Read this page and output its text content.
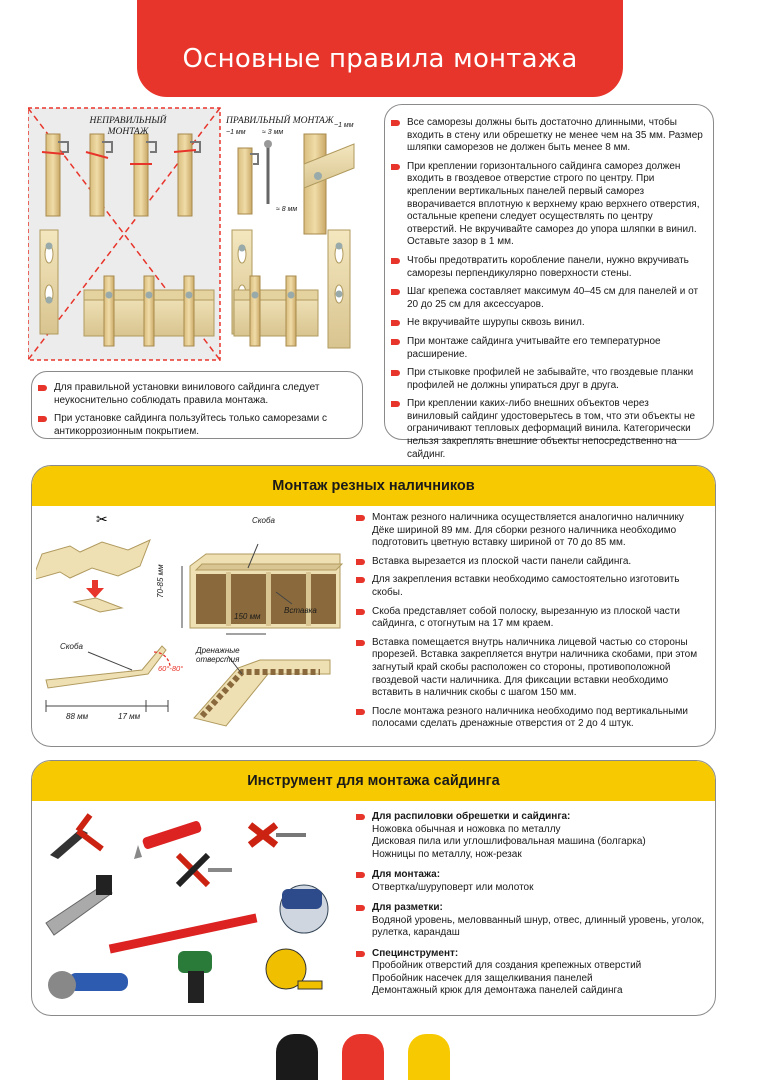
Основные правила монтажа
НЕПРАВИЛЬНЫЙ
МОНТАЖ
ПРАВИЛЬНЫЙ МОНТАЖ
~1 мм ≈ 3 мм
~1 мм
≈ 8 мм
Все саморезы должны быть достаточно длинными, чтобы входить в стену или обрешетку не менее чем на 35 мм. Размер шляпки саморезов не должен быть менее 8 мм.
При креплении горизонтального сайдинга саморез должен входить в гвоздевое отверстие строго по центру. При креплении вертикальных панелей первый саморез вворачивается вплотную к верхнему краю верхнего отверстия, остальные крепени следует осуществлять по центру отверстий. Не вкручивайте саморез до упора шляпки в винил. Оставьте зазор в 1 мм.
Чтобы предотвратить коробление панели, нужно вкручивать саморезы перпендикулярно поверхности стены.
Шаг крепежа составляет максимум 40–45 см для панелей и от 20 до 25 см для аксессуаров.
Не вкручивайте шурупы сквозь винил.
При монтаже сайдинга учитывайте его температурное расширение.
При стыковке профилей не забывайте, что гвоздевые планки профилей не должны упираться друг в друга.
При креплении каких-либо внешних объектов через виниловый сайдинг удостоверьтесь в том, что эти объекты не ограничивают тепловых деформаций винила. Категорически нельзя закреплять внешние объекты непосредственно на сайдинг.
Для правильной установки винилового сайдинга следует неукоснительно соблюдать правила монтажа.
При установке сайдинга пользуйтесь только саморезами с антикоррозионным покрытием.
Монтаж резных наличников
✂	Скоба
Вставка
70-85 мм
150 мм
Скоба
60°-80°
88 мм	17 мм
Дренажные
отверстия
Монтаж резного наличника осуществляется аналогично наличнику Дёке шириной 89 мм. Для сборки резного наличника необходимо подготовить цветную вставку шириной от 70 до 85 мм.
Вставка вырезается из плоской части панели сайдинга.
Для закрепления вставки необходимо самостоятельно изготовить скобы.
Скоба представляет собой полоску, вырезанную из плоской части сайдинга, с отогнутым на 17 мм краем.
Вставка помещается внутрь наличника лицевой частью со стороны прорезей. Вставка закрепляется внутри наличника скобами, при этом загнутый край скобы расположен со стороны, противоположной гвоздевой части наличника. Для фиксации вставки необходимо вставить в наличник скобы с шагом 150 мм.
После монтажа резного наличника необходимо под вертикальными полосами сделать дренажные отверстия от 2 до 4 штук.
Инструмент для монтажа сайдинга
Для распиловки обрешетки и сайдинга:
Ножовка обычная и ножовка по металлу
Дисковая пила или углошлифовальная машина (болгарка)
Ножницы по металлу, нож-резак
Для монтажа:
Отвертка/шуруповерт или молоток
Для разметки:
Водяной уровень, меловванный шнур, отвес, длинный уровень, уголок, рулетка, карандаш
Специнструмент:
Пробойник отверстий для создания крепежных отверстий
Пробойник насечек для защелкивания панелей
Демонтажный крюк для демонтажа панелей сайдинга
